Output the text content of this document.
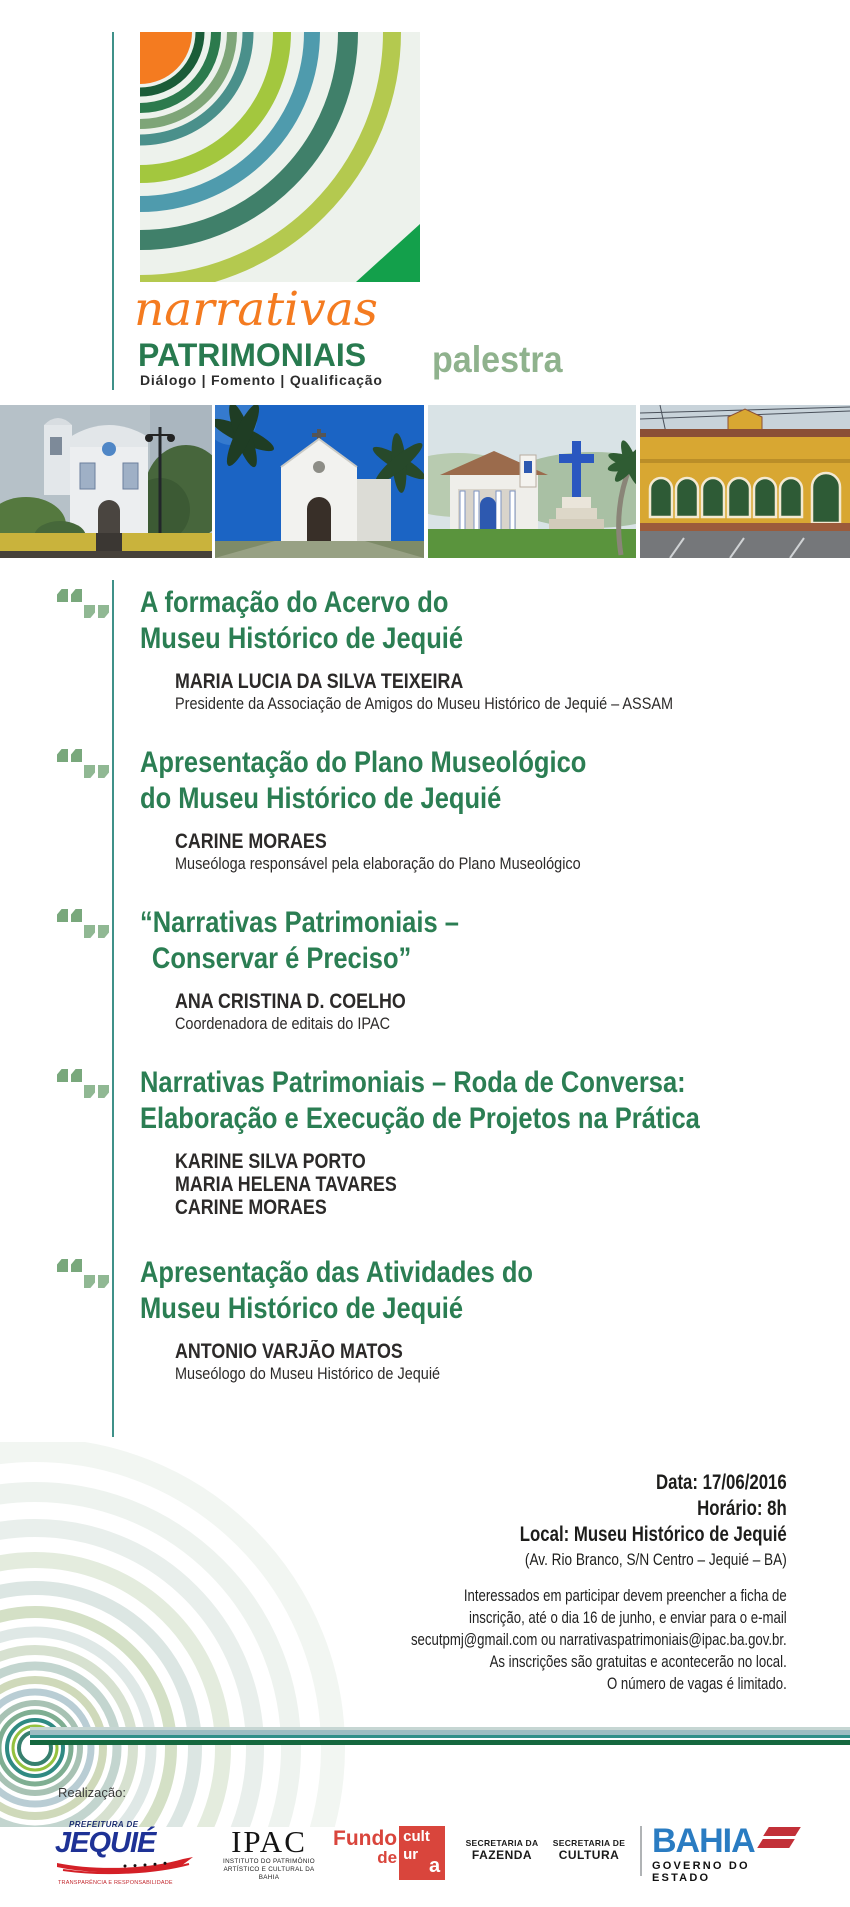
narrativas
PATRIMONIAIS
Diálogo | Fomento | Qualificação palestra
A formação do Acervo do
Museu Histórico de Jequié
MARIA LUCIA DA SILVA TEIXEIRA
Presidente da Associação de Amigos do Museu Histórico de Jequié – ASSAM
Apresentação do Plano Museológico
do Museu Histórico de Jequié
CARINE MORAES
Museóloga responsável pela elaboração do Plano Museológico
“Narrativas Patrimoniais –
Conservar é Preciso”
ANA CRISTINA D. COELHO
Coordenadora de editais do IPAC
Narrativas Patrimoniais – Roda de Conversa:
Elaboração e Execução de Projetos na Prática
KARINE SILVA PORTO
MARIA HELENA TAVARES
CARINE MORAES
Apresentação das Atividades do
Museu Histórico de Jequié
ANTONIO VARJÃO MATOS
Museólogo do Museu Histórico de Jequié
Data: 17/06/2016
Horário: 8h
Local: Museu Histórico de Jequié
(Av. Rio Branco, S/N Centro – Jequié – BA)
Interessados em participar devem preencher a ficha de
inscrição, até o dia 16 de junho, e enviar para o e-mail
secutpmj@gmail.com ou narrativaspatrimoniais@ipac.ba.gov.br.
As inscrições são gratuitas e acontecerão no local.
O número de vagas é limitado.
Realização:
PREFEITURA DE
JEQUIÉ
TRANSPARÊNCIA E RESPONSABILIDADE
IPAC
INSTITUTO DO PATRIMÔNIO
ARTÍSTICO E CULTURAL DA BAHIA
Fundo
de
cult
ur
a
SECRETARIA DA
FAZENDA
SECRETARIA DE
CULTURA BAHIA
GOVERNO DO ESTADO
